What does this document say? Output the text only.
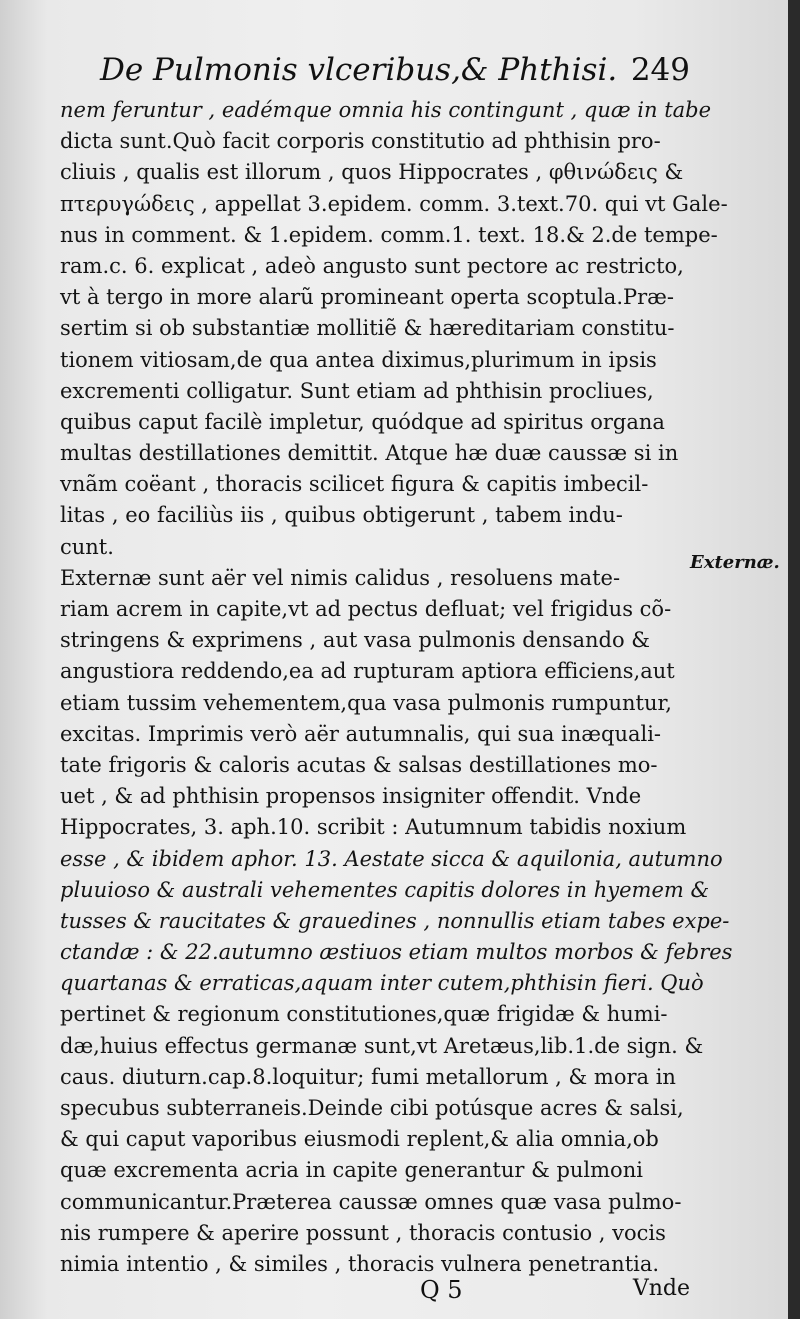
De Pulmonis vlceribus,& Phthisi. 249
nem feruntur , eadémque omnia his contingunt , quæ in tabe
dicta sunt.Quò facit corporis constitutio ad phthisin pro-
cliuis , qualis est illorum , quos Hippocrates , φθινώδεις &
πτερυγώδεις , appellat 3.epidem. comm. 3.text.70. qui vt Gale-
nus in comment. & 1.epidem. comm.1. text. 18.& 2.de tempe-
ram.c. 6. explicat , adeò angusto sunt pectore ac restricto,
vt à tergo in more alarũ promineant operta scoptula.Præ-
sertim si ob substantiæ mollitiẽ & hæreditariam constitu-
tionem vitiosam,de qua antea diximus,plurimum in ipsis
excrementi colligatur. Sunt etiam ad phthisin procliues,
quibus caput facilè impletur, quódque ad spiritus organa
multas destillationes demittit. Atque hæ duæ caussæ si in
vnãm coëant , thoracis scilicet figura & capitis imbecil-
litas , eo faciliùs iis , quibus obtigerunt , tabem indu-
cunt.
Externæ sunt aër vel nimis calidus , resoluens mate-
riam acrem in capite,vt ad pectus defluat; vel frigidus cõ-
stringens & exprimens , aut vasa pulmonis densando &
angustiora reddendo,ea ad rupturam aptiora efficiens,aut
etiam tussim vehementem,qua vasa pulmonis rumpuntur,
excitas. Imprimis verò aër autumnalis, qui sua inæquali-
tate frigoris & caloris acutas & salsas destillationes mo-
uet , & ad phthisin propensos insigniter offendit. Vnde
Hippocrates, 3. aph.10. scribit : Autumnum tabidis noxium
esse , & ibidem aphor. 13. Aestate sicca & aquilonia, autumno
pluuioso & australi vehementes capitis dolores in hyemem &
tusses & raucitates & grauedines , nonnullis etiam tabes expe-
ctandæ : & 22.autumno æstiuos etiam multos morbos & febres
quartanas & erraticas,aquam inter cutem,phthisin fieri. Quò
pertinet & regionum constitutiones,quæ frigidæ & humi-
dæ,huius effectus germanæ sunt,vt Aretæus,lib.1.de sign. &
caus. diuturn.cap.8.loquitur; fumi metallorum , & mora in
specubus subterraneis.Deinde cibi potúsque acres & salsi,
& qui caput vaporibus eiusmodi replent,& alia omnia,ob
quæ excrementa acria in capite generantur & pulmoni
communicantur.Præterea caussæ omnes quæ vasa pulmo-
nis rumpere & aperire possunt , thoracis contusio , vocis
nimia intentio , & similes , thoracis vulnera penetrantia.
Externæ.
Q 5	Vnde
